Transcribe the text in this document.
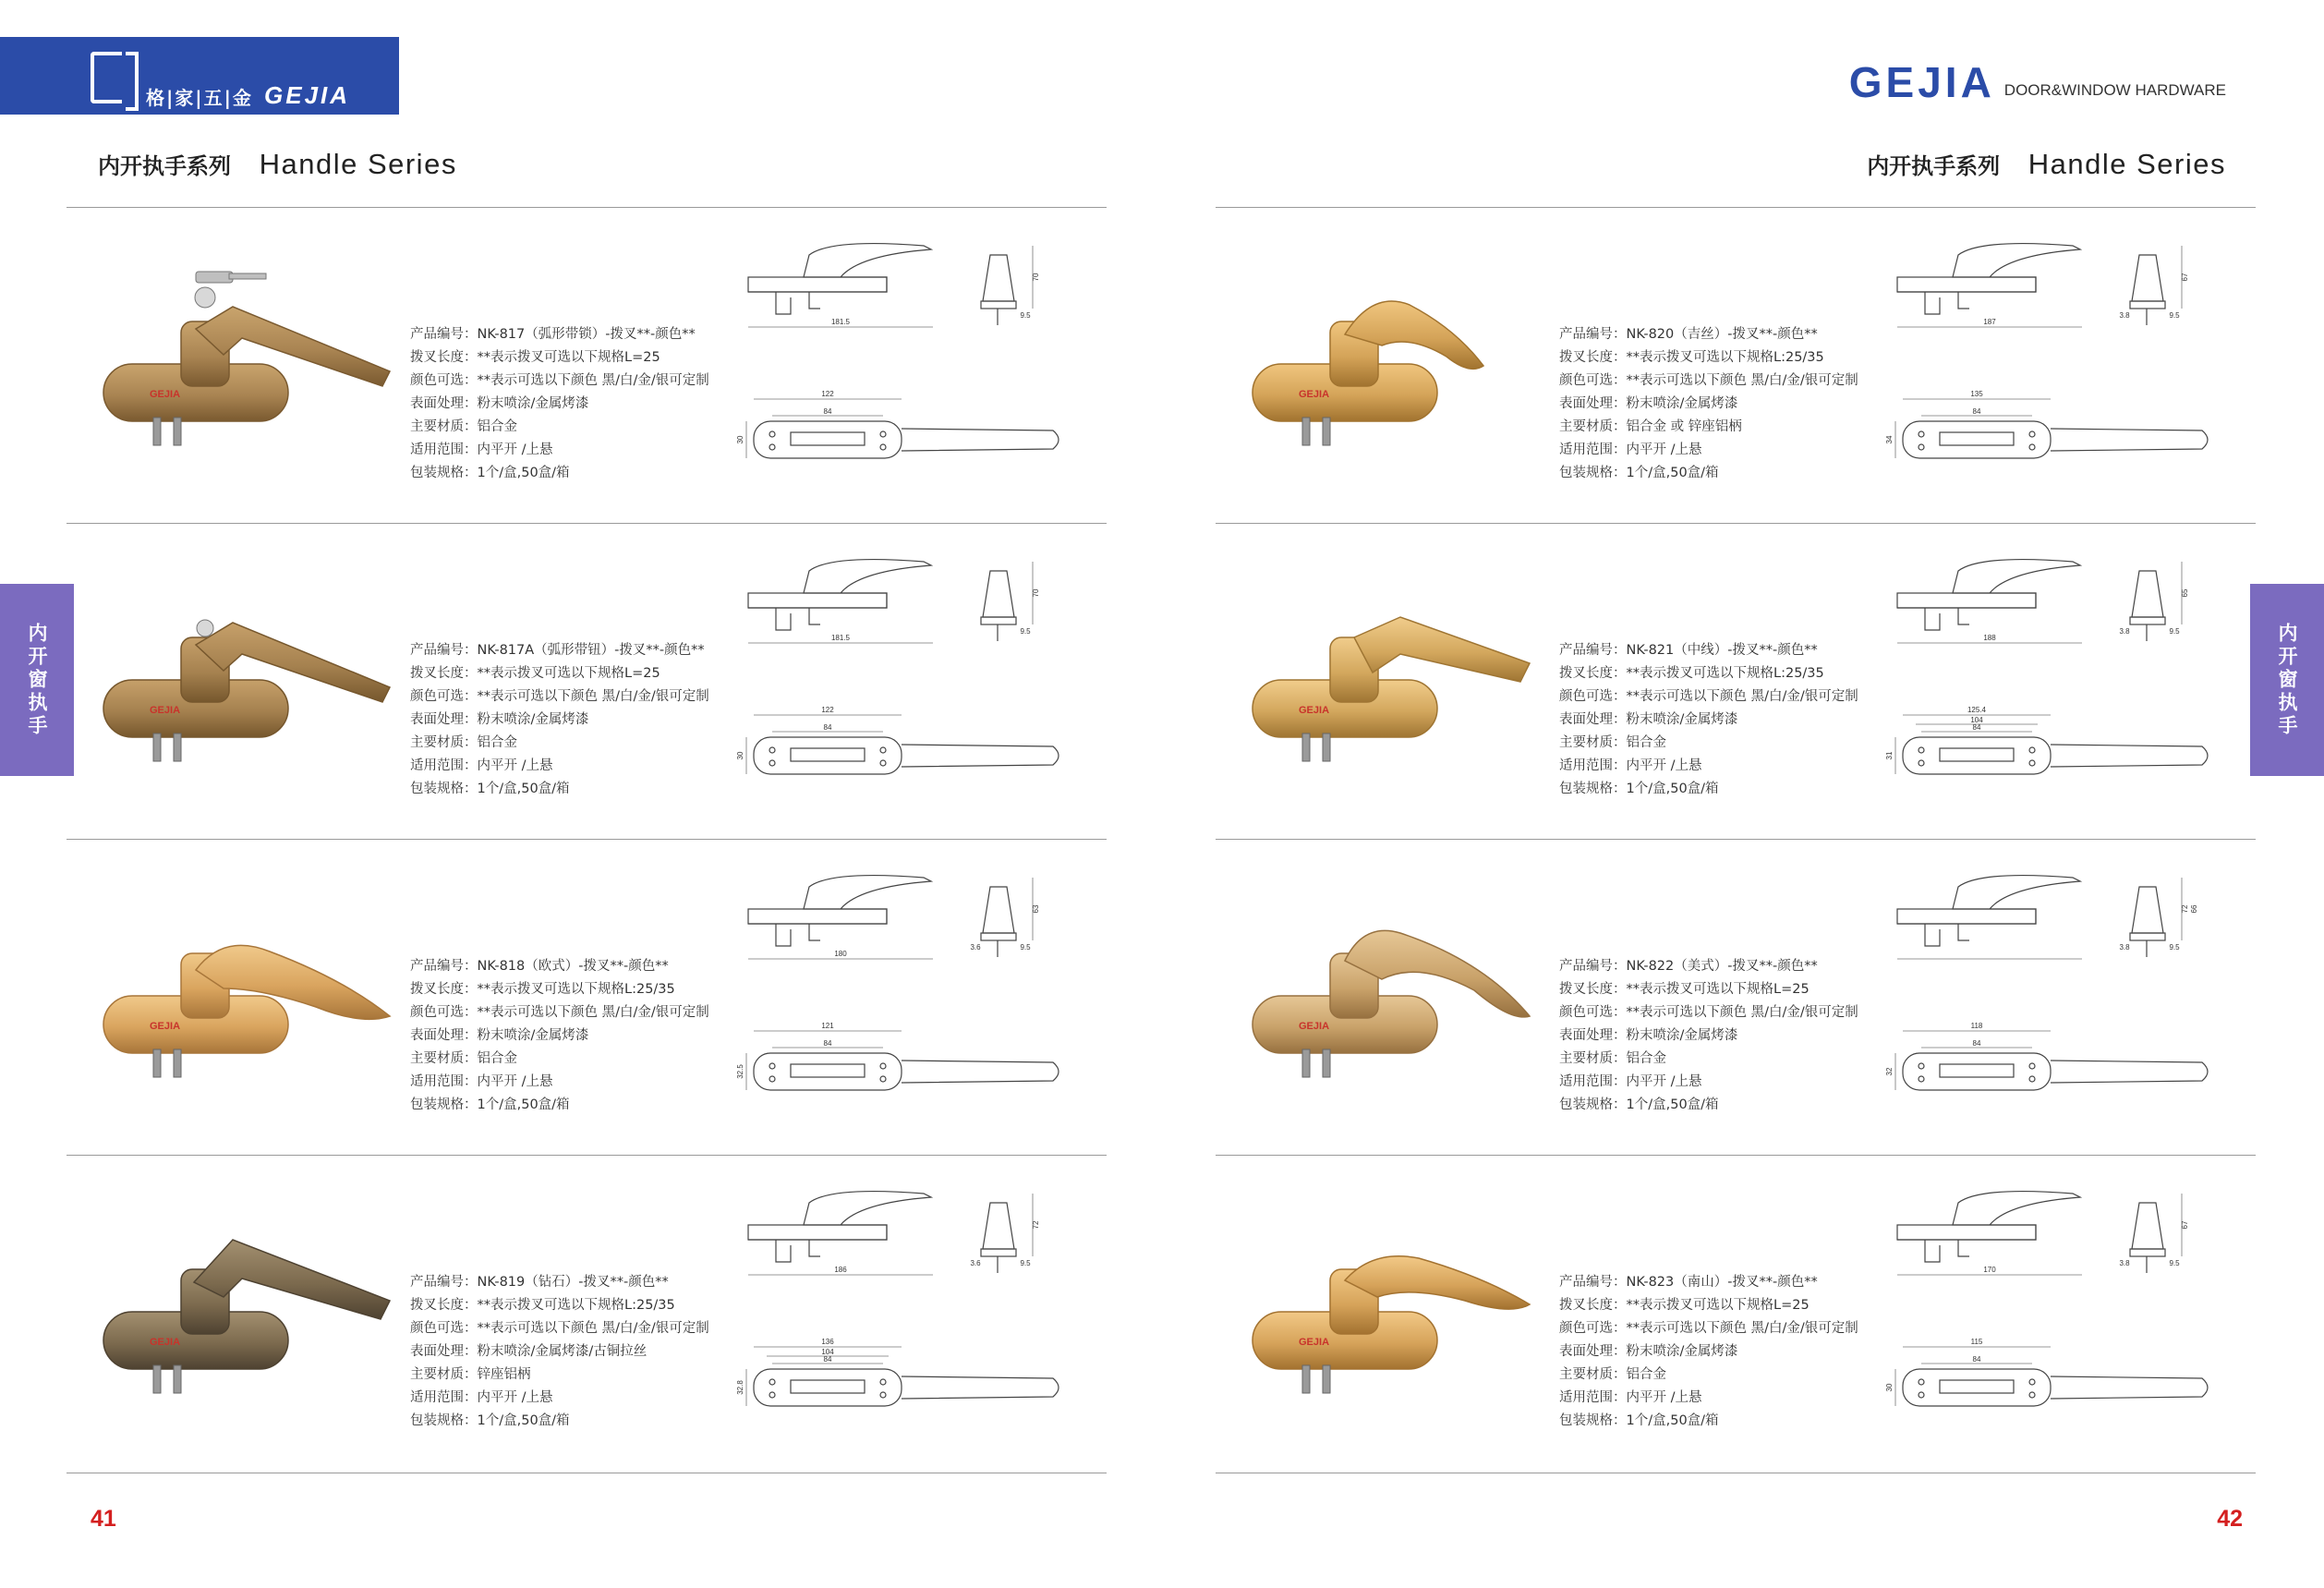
格|家|五|金 GEJIA
内开执手系列 Handle Series
内开窗执手
41
GEJIA
产品编号：NK-817（弧形带锁）-拨叉**-颜色**
拨叉长度：**表示拨叉可选以下规格L=25
颜色可选：**表示可选以下颜色 黑/白/金/银可定制
表面处理：粉末喷涂/金属烤漆
主要材质：铝合金
适用范围：内平开 /上悬
包装规格：1个/盒,50盒/箱
181.5
70
9.5
122
84
30
GEJIA
产品编号：NK-817A（弧形带钮）-拨叉**-颜色**
拨叉长度：**表示拨叉可选以下规格L=25
颜色可选：**表示可选以下颜色 黑/白/金/银可定制
表面处理：粉末喷涂/金属烤漆
主要材质：铝合金
适用范围：内平开 /上悬
包装规格：1个/盒,50盒/箱
181.5
70
9.5
122
84
30
GEJIA
产品编号：NK-818（欧式）-拨叉**-颜色**
拨叉长度：**表示拨叉可选以下规格L:25/35
颜色可选：**表示可选以下颜色 黑/白/金/银可定制
表面处理：粉末喷涂/金属烤漆
主要材质：铝合金
适用范围：内平开 /上悬
包装规格：1个/盒,50盒/箱
180
63
9.5
3.6
121
84
32.5
GEJIA
产品编号：NK-819（钻石）-拨叉**-颜色**
拨叉长度：**表示拨叉可选以下规格L:25/35
颜色可选：**表示可选以下颜色 黑/白/金/银可定制
表面处理：粉末喷涂/金属烤漆/古铜拉丝
主要材质：锌座铝柄
适用范围：内平开 /上悬
包装规格：1个/盒,50盒/箱
186
72
9.5
3.6
136
104
84
32.8
GEJIA DOOR&WINDOW HARDWARE
内开执手系列 Handle Series
内开窗执手
42
GEJIA
产品编号：NK-820（吉丝）-拨叉**-颜色**
拨叉长度：**表示拨叉可选以下规格L:25/35
颜色可选：**表示可选以下颜色 黑/白/金/银可定制
表面处理：粉末喷涂/金属烤漆
主要材质：铝合金 或 锌座铝柄
适用范围：内平开 /上悬
包装规格：1个/盒,50盒/箱
187
67
9.5
3.8
135
84
34
GEJIA
产品编号：NK-821（中线）-拨叉**-颜色**
拨叉长度：**表示拨叉可选以下规格L:25/35
颜色可选：**表示可选以下颜色 黑/白/金/银可定制
表面处理：粉末喷涂/金属烤漆
主要材质：铝合金
适用范围：内平开 /上悬
包装规格：1个/盒,50盒/箱
188
65
9.5
3.8
125.4
104
84
31
GEJIA
产品编号：NK-822（美式）-拨叉**-颜色**
拨叉长度：**表示拨叉可选以下规格L=25
颜色可选：**表示可选以下颜色 黑/白/金/银可定制
表面处理：粉末喷涂/金属烤漆
主要材质：铝合金
适用范围：内平开 /上悬
包装规格：1个/盒,50盒/箱
72 66
9.5
3.8
118
84
32
GEJIA
产品编号：NK-823（南山）-拨叉**-颜色**
拨叉长度：**表示拨叉可选以下规格L=25
颜色可选：**表示可选以下颜色 黑/白/金/银可定制
表面处理：粉末喷涂/金属烤漆
主要材质：铝合金
适用范围：内平开 /上悬
包装规格：1个/盒,50盒/箱
170
67
9.5
3.8
115
84
30
